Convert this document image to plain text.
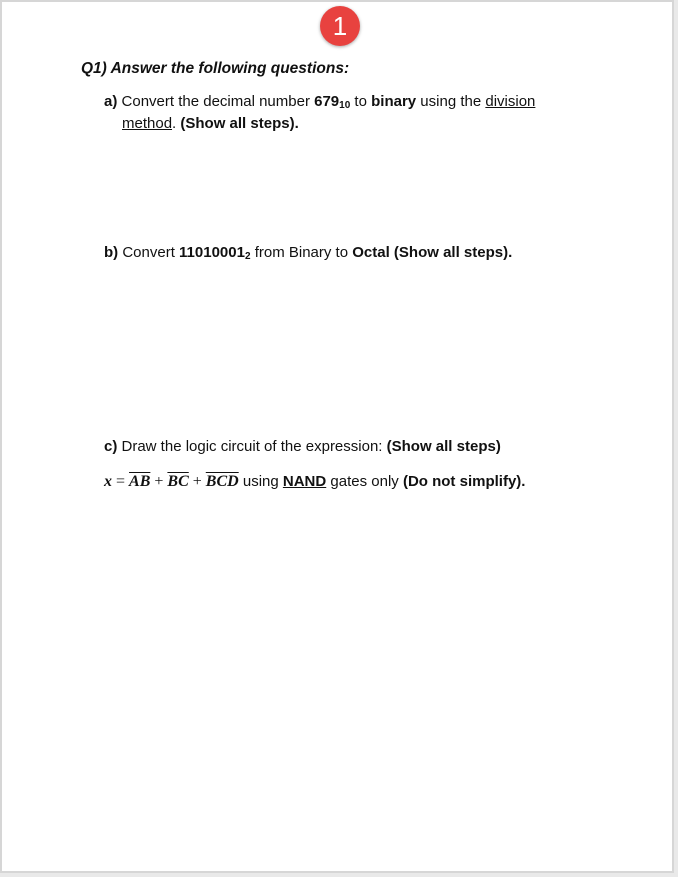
1
Q1) Answer the following questions:
a) Convert the decimal number $679_{10}$ to binary using the division
method. (Show all steps).
b) Convert $11010001_2$ from Binary to Octal (Show all steps).
c) Draw the logic circuit of the expression: (Show all steps)
$x = \overline{AB} + \overline{BC} + \overline{BCD}$ using NAND gates only (Do not simplify).
